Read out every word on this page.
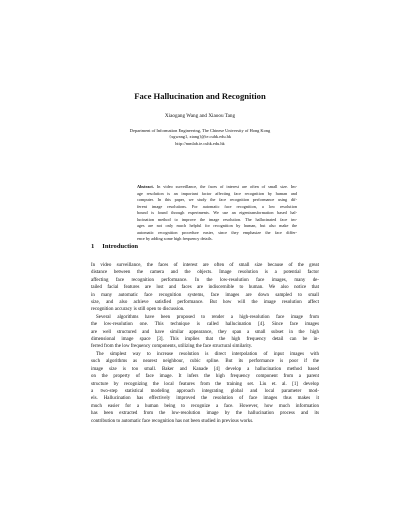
Face Hallucination and Recognition
Xiaogang Wang and Xiaoou Tang
Department of Information Engineering, The Chinese University of Hong Kong
{xgwang1, xtang}@ie.cuhk.edu.hk
http://mmlab.ie.cuhk.edu.hk
Abstract. In video surveillance, the faces of interest are often of small size. Im-
age resolution is an important factor affecting face recognition by human and
computer. In this paper, we study the face recognition performance using dif-
ferent image resolutions. For automatic face recognition, a low resolution
bound is found through experiments. We use an eigentransformation based hal-
lucination method to improve the image resolution. The hallucinated face im-
ages are not only much helpful for recognition by human, but also make the
automatic recognition procedure easier, since they emphasize the face differ-
ence by adding some high frequency details.
1 Introduction
In video surveillance, the faces of interest are often of small size because of the great
distance between the camera and the objects. Image resolution is a potential factor
affecting face recognition performance. In the low-resolution face images, many de-
tailed facial features are lost and faces are indiscernible to human. We also notice that
in many automatic face recognition systems, face images are down sampled to small
size, and also achieve satisfied performance. But how will the image resolution affect
recognition accuracy is still open to discussion.
Several algorithms have been proposed to render a high-resolution face image from
the low-resolution one. This technique is called hallucination [4]. Since face images
are well structured and have similar appearance, they span a small subset in the high
dimensional image space [3]. This implies that the high frequency detail can be in-
ferred from the low frequency components, utilizing the face structural similarity.
The simplest way to increase resolution is direct interpolation of input images with
such algorithms as nearest neighbour, cubic spline. But its performance is poor if the
image size is too small. Baker and Kanade [4] develop a hallucination method based
on the property of face image. It infers the high frequency component from a parent
structure by recognizing the local features from the training set. Liu et. al. [1] develop
a two-step statistical modeling approach integrating global and local parameter mod-
els. Hallucination has effectively improved the resolution of face images thus makes it
much easier for a human being to recognize a face. However, how much information
has been extracted from the low-resolution image by the hallucination process and its
contribution to automatic face recognition has not been studied in previous works.
